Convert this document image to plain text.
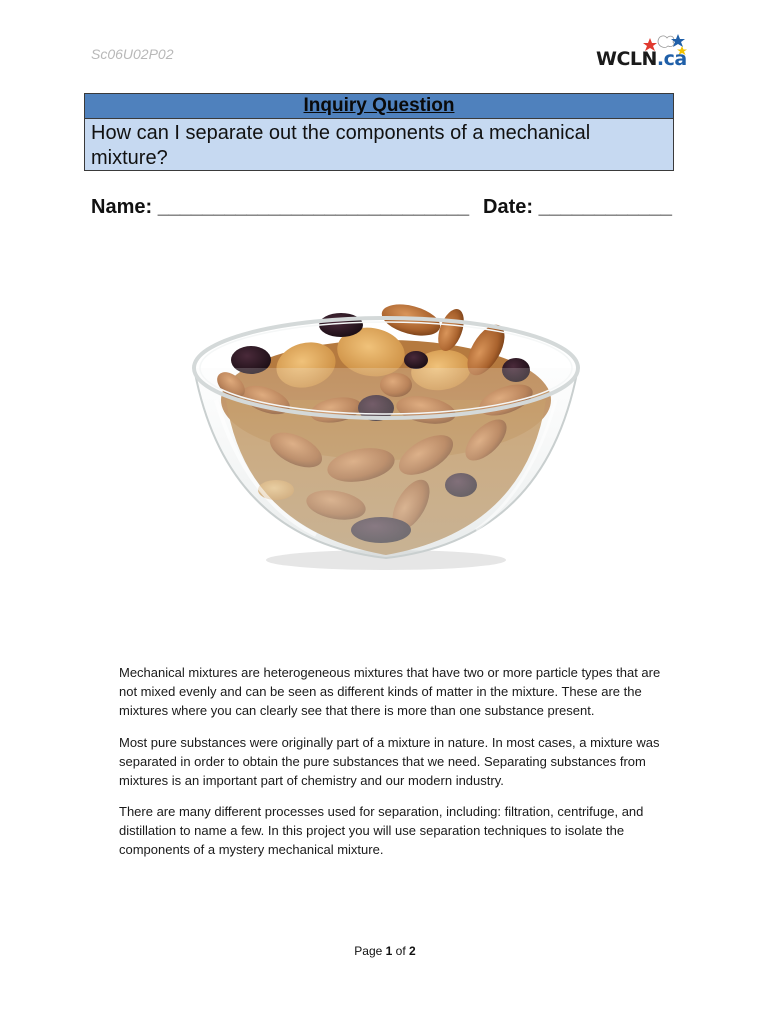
Sc06U02P02	WCLN.ca
Inquiry Question
How can I separate out the components of a mechanical mixture?
Name: ____________________________ Date: ____________

Mechanical mixtures are heterogeneous mixtures that have two or more particle types that are not mixed evenly and can be seen as different kinds of matter in the mixture. These are the mixtures where you can clearly see that there is more than one substance present.

Most pure substances were originally part of a mixture in nature. In most cases, a mixture was separated in order to obtain the pure substances that we need. Separating substances from mixtures is an important part of chemistry and our modern industry.

There are many different processes used for separation, including: filtration, centrifuge, and distillation to name a few. In this project you will use separation techniques to isolate the components of a mystery mechanical mixture.

Page 1 of 2
